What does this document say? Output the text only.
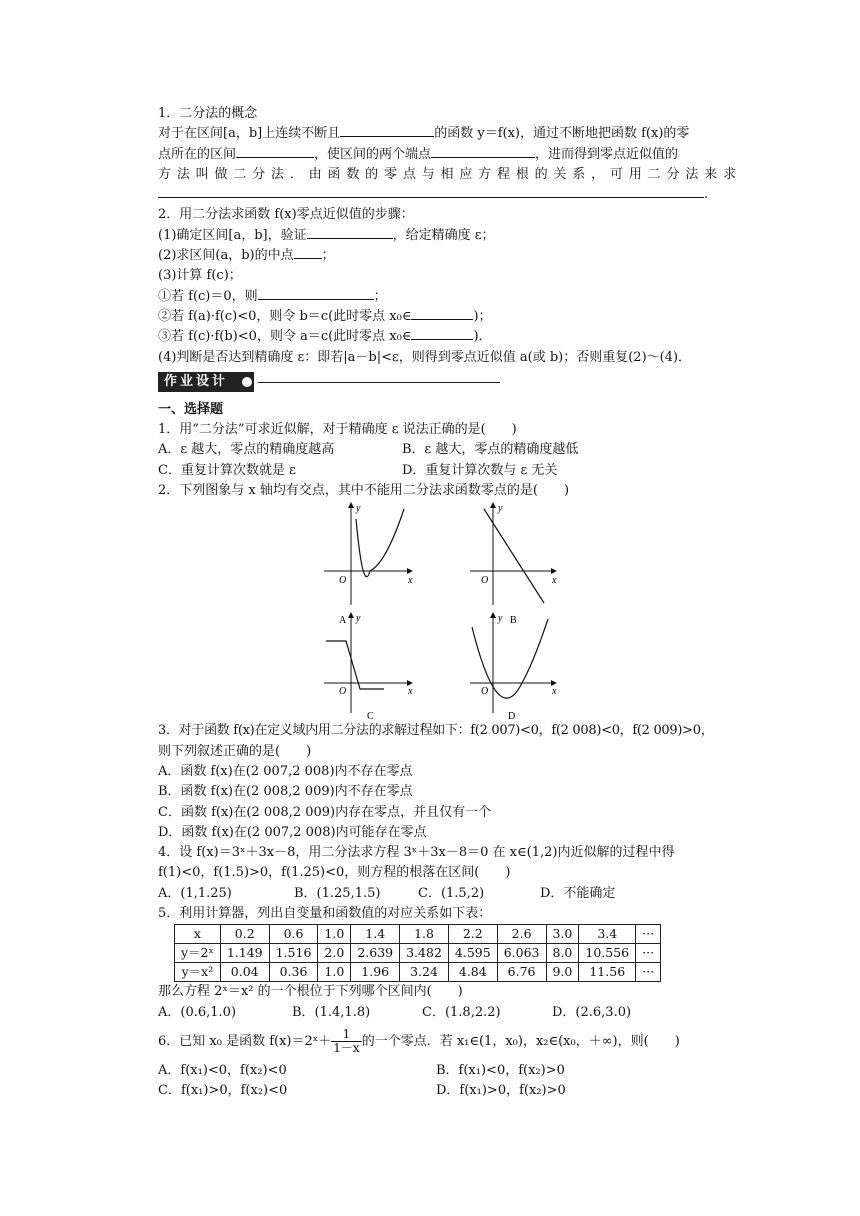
1．二分法的概念
对于在区间[a，b]上连续不断且	的函数 y＝f(x)，通过不断地把函数 f(x)的零
点所在的区间	，使区间的两个端点	，进而得到零点近似值的
方法叫做二分法．由函数的零点与相应方程根的关系，可用二分法来求
.
2．用二分法求函数 f(x)零点近似值的步骤：
(1)确定区间[a，b]，验证	，给定精确度 ε；
(2)求区间(a，b)的中点 ；
(3)计算 f(c)；
①若 f(c)＝0，则	；
②若 f(a)·f(c)<0，则令 b＝c(此时零点 x₀∈	)；
③若 f(c)·f(b)<0，则令 a＝c(此时零点 x₀∈	)．
(4)判断是否达到精确度 ε：即若|a－b|<ε，则得到零点近似值 a(或 b)；否则重复(2)～(4)．
作业设计
一、选择题
1．用“二分法”可求近似解，对于精确度 ε 说法正确的是(　　)
A．ε 越大，零点的精确度越高	B．ε 越大，零点的精确度越低
C．重复计算次数就是 ε	D．重复计算次数与 ε 无关
2．下列图象与 x 轴均有交点，其中不能用二分法求函数零点的是(　　)
y
x
O
A
y
x
O
B
y
x
O
C
y
x
O
D
3．对于函数 f(x)在定义域内用二分法的求解过程如下：f(2 007)<0，f(2 008)<0，f(2 009)>0，
则下列叙述正确的是(　　)
A．函数 f(x)在(2 007,2 008)内不存在零点
B．函数 f(x)在(2 008,2 009)内不存在零点
C．函数 f(x)在(2 008,2 009)内存在零点，并且仅有一个
D．函数 f(x)在(2 007,2 008)内可能存在零点
4．设 f(x)＝3ˣ＋3x－8，用二分法求方程 3ˣ＋3x－8＝0 在 x∈(1,2)内近似解的过程中得
f(1)<0，f(1.5)>0，f(1.25)<0，则方程的根落在区间(　　)
A．(1,1.25)	B．(1.25,1.5)	C．(1.5,2)	D．不能确定
5．利用计算器，列出自变量和函数值的对应关系如下表：
x	0.2	0.6	1.0	1.4	1.8	2.2	2.6	3.0	3.4	···
y＝2ˣ	1.149	1.516	2.0	2.639	3.482	4.595	6.063	8.0	10.556	···
y＝x²	0.04	0.36	1.0	1.96	3.24	4.84	6.76	9.0	11.56	···
那么方程 2ˣ＝x² 的一个根位于下列哪个区间内(　　)
A．(0.6,1.0)	B．(1.4,1.8)	C．(1.8,2.2)	D．(2.6,3.0)
6．已知 x₀ 是函数 f(x)＝2ˣ＋ $\frac{1}{1-x}$ 的一个零点．若 x₁∈(1，x₀)，x₂∈(x₀，＋∞)，则(　　)
A．f(x₁)<0，f(x₂)<0	B．f(x₁)<0，f(x₂)>0
C．f(x₁)>0，f(x₂)<0	D．f(x₁)>0，f(x₂)>0
